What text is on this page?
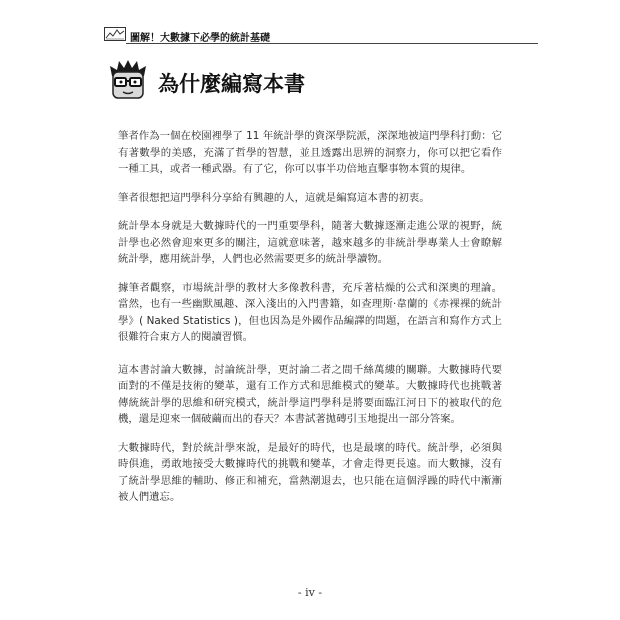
圖解！大數據下必學的統計基礎
為什麼編寫本書

筆者作為一個在校園裡學了 11 年統計學的資深學院派，深深地被這門學科打動：它有著數學的美感，充滿了哲學的智慧，並且透露出思辨的洞察力，你可以把它看作一種工具，或者一種武器。有了它，你可以事半功倍地直擊事物本質的規律。

筆者很想把這門學科分享給有興趣的人，這就是編寫這本書的初衷。

統計學本身就是大數據時代的一門重要學科，隨著大數據逐漸走進公眾的視野，統計學也必然會迎來更多的關注，這就意味著，越來越多的非統計學專業人士會瞭解統計學，應用統計學，人們也必然需要更多的統計學讀物。

據筆者觀察，市場統計學的教材大多像教科書，充斥著枯燥的公式和深奧的理論。當然，也有一些幽默風趣、深入淺出的入門書籍，如查理斯·韋蘭的《赤裸裸的統計學》( Naked Statistics )，但也因為是外國作品編譯的問題，在語言和寫作方式上很難符合東方人的閱讀習慣。

這本書討論大數據，討論統計學，更討論二者之間千絲萬縷的關聯。大數據時代要面對的不僅是技術的變革，還有工作方式和思維模式的變革。大數據時代也挑戰著傳統統計學的思維和研究模式，統計學這門學科是將要面臨江河日下的被取代的危機，還是迎來一個破繭而出的春天？本書試著拋磚引玉地提出一部分答案。

大數據時代，對於統計學來說，是最好的時代，也是最壞的時代。統計學，必須與時俱進，勇敢地接受大數據時代的挑戰和變革，才會走得更長遠。而大數據，沒有了統計學思維的輔助、修正和補充，當熱潮退去，也只能在這個浮躁的時代中漸漸被人們遺忘。

- iv -
